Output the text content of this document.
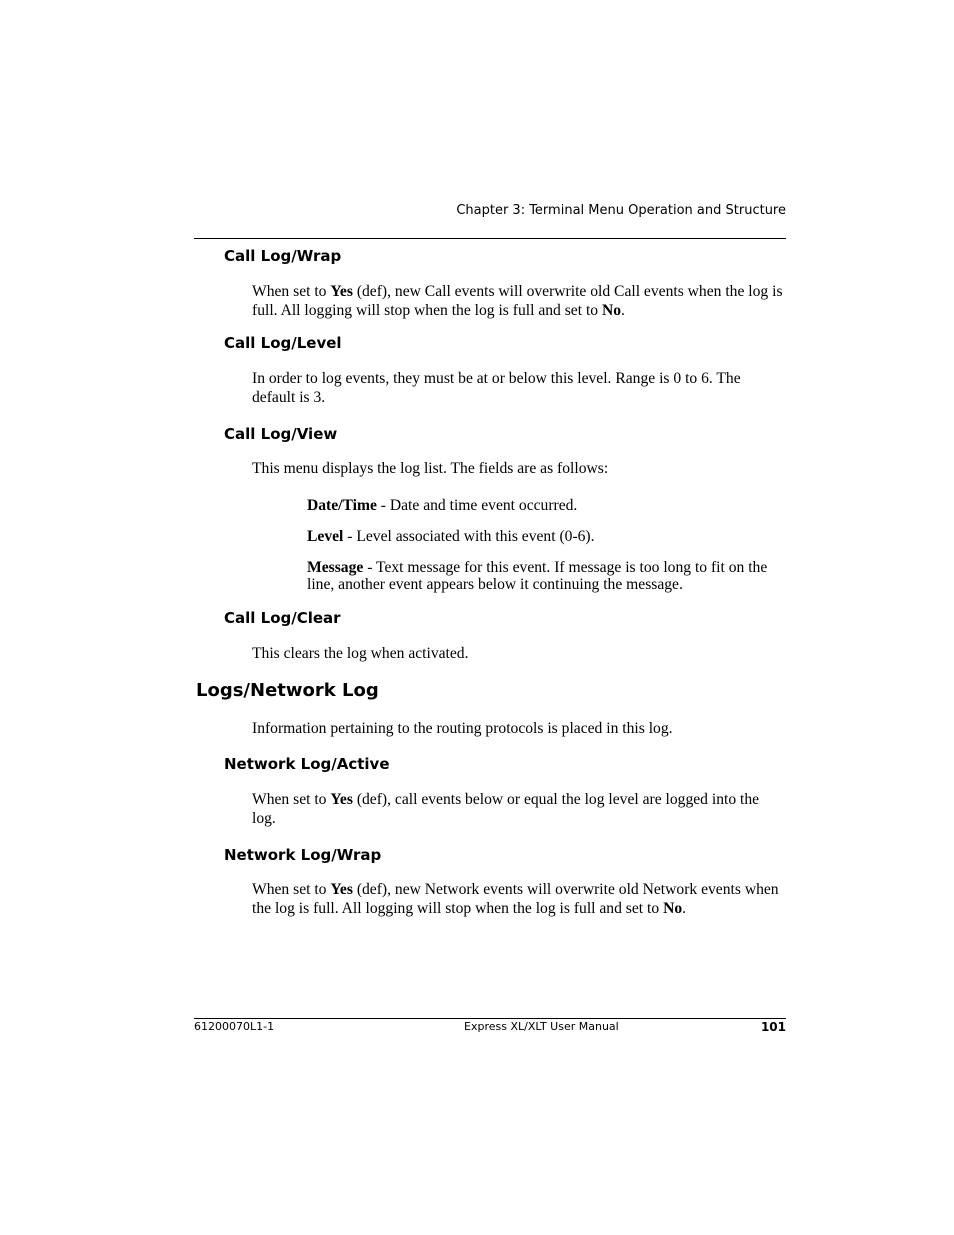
Chapter 3: Terminal Menu Operation and Structure
Call Log/Wrap
When set to Yes (def), new Call events will overwrite old Call events when the log is full. All logging will stop when the log is full and set to No.
Call Log/Level
In order to log events, they must be at or below this level. Range is 0 to 6. The default is 3.
Call Log/View
This menu displays the log list. The fields are as follows:
Date/Time - Date and time event occurred.
Level - Level associated with this event (0-6).
Message - Text message for this event. If message is too long to fit on the line, another event appears below it continuing the message.
Call Log/Clear
This clears the log when activated.
Logs/Network Log
Information pertaining to the routing protocols is placed in this log.
Network Log/Active
When set to Yes (def), call events below or equal the log level are logged into the log.
Network Log/Wrap
When set to Yes (def), new Network events will overwrite old Network events when the log is full. All logging will stop when the log is full and set to No.
61200070L1-1	Express XL/XLT User Manual	101
